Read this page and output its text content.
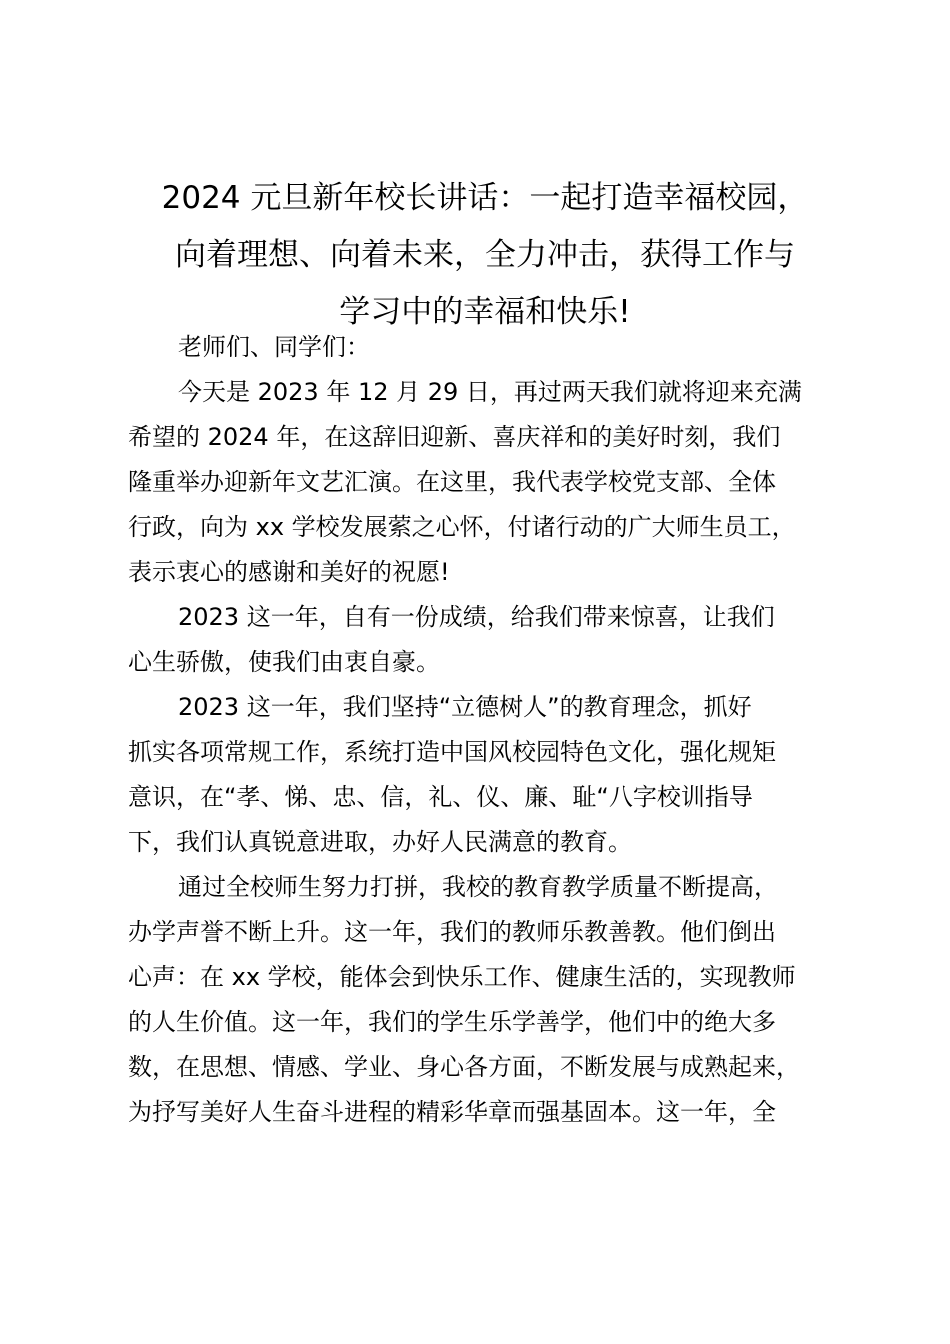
2024 元旦新年校长讲话：一起打造幸福校园，
向着理想、向着未来，全力冲击，获得工作与
学习中的幸福和快乐!
老师们、同学们：
今天是 2023 年 12 月 29 日，再过两天我们就将迎来充满
希望的 2024 年，在这辞旧迎新、喜庆祥和的美好时刻，我们
隆重举办迎新年文艺汇演。在这里，我代表学校党支部、全体
行政，向为 xx 学校发展萦之心怀，付诸行动的广大师生员工，
表示衷心的感谢和美好的祝愿!
2023 这一年，自有一份成绩，给我们带来惊喜，让我们
心生骄傲，使我们由衷自豪。
2023 这一年，我们坚持“立德树人”的教育理念，抓好
抓实各项常规工作，系统打造中国风校园特色文化，强化规矩
意识，在“孝、悌、忠、信，礼、仪、廉、耻“八字校训指导
下，我们认真锐意进取，办好人民满意的教育。
通过全校师生努力打拼，我校的教育教学质量不断提高，
办学声誉不断上升。这一年，我们的教师乐教善教。他们倒出
心声：在 xx 学校，能体会到快乐工作、健康生活的，实现教师
的人生价值。这一年，我们的学生乐学善学，他们中的绝大多
数，在思想、情感、学业、身心各方面，不断发展与成熟起来，
为抒写美好人生奋斗进程的精彩华章而强基固本。这一年，全
